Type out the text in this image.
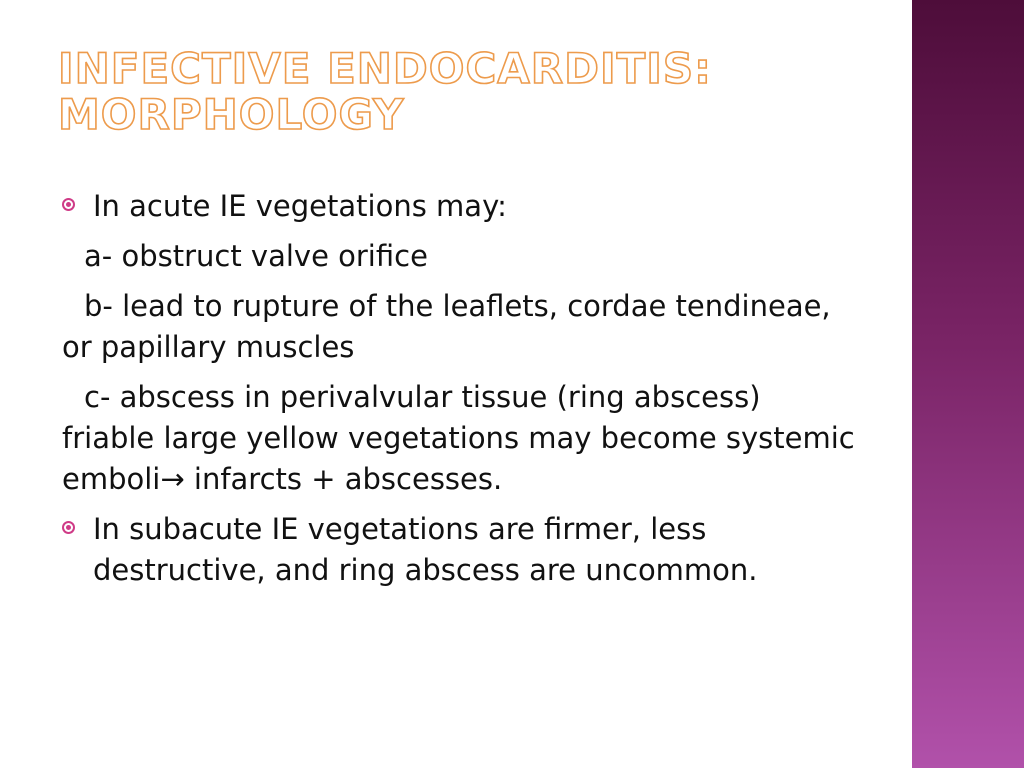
INFECTIVE ENDOCARDITIS:
MORPHOLOGY
In acute IE vegetations may:
a- obstruct valve orifice
b- lead to rupture of the leaflets, cordae tendineae, or papillary muscles
c- abscess in perivalvular tissue (ring abscess)friable large yellow vegetations may become systemic emboli→ infarcts + abscesses.
In subacute IE vegetations are firmer, less destructive, and ring abscess are uncommon.
